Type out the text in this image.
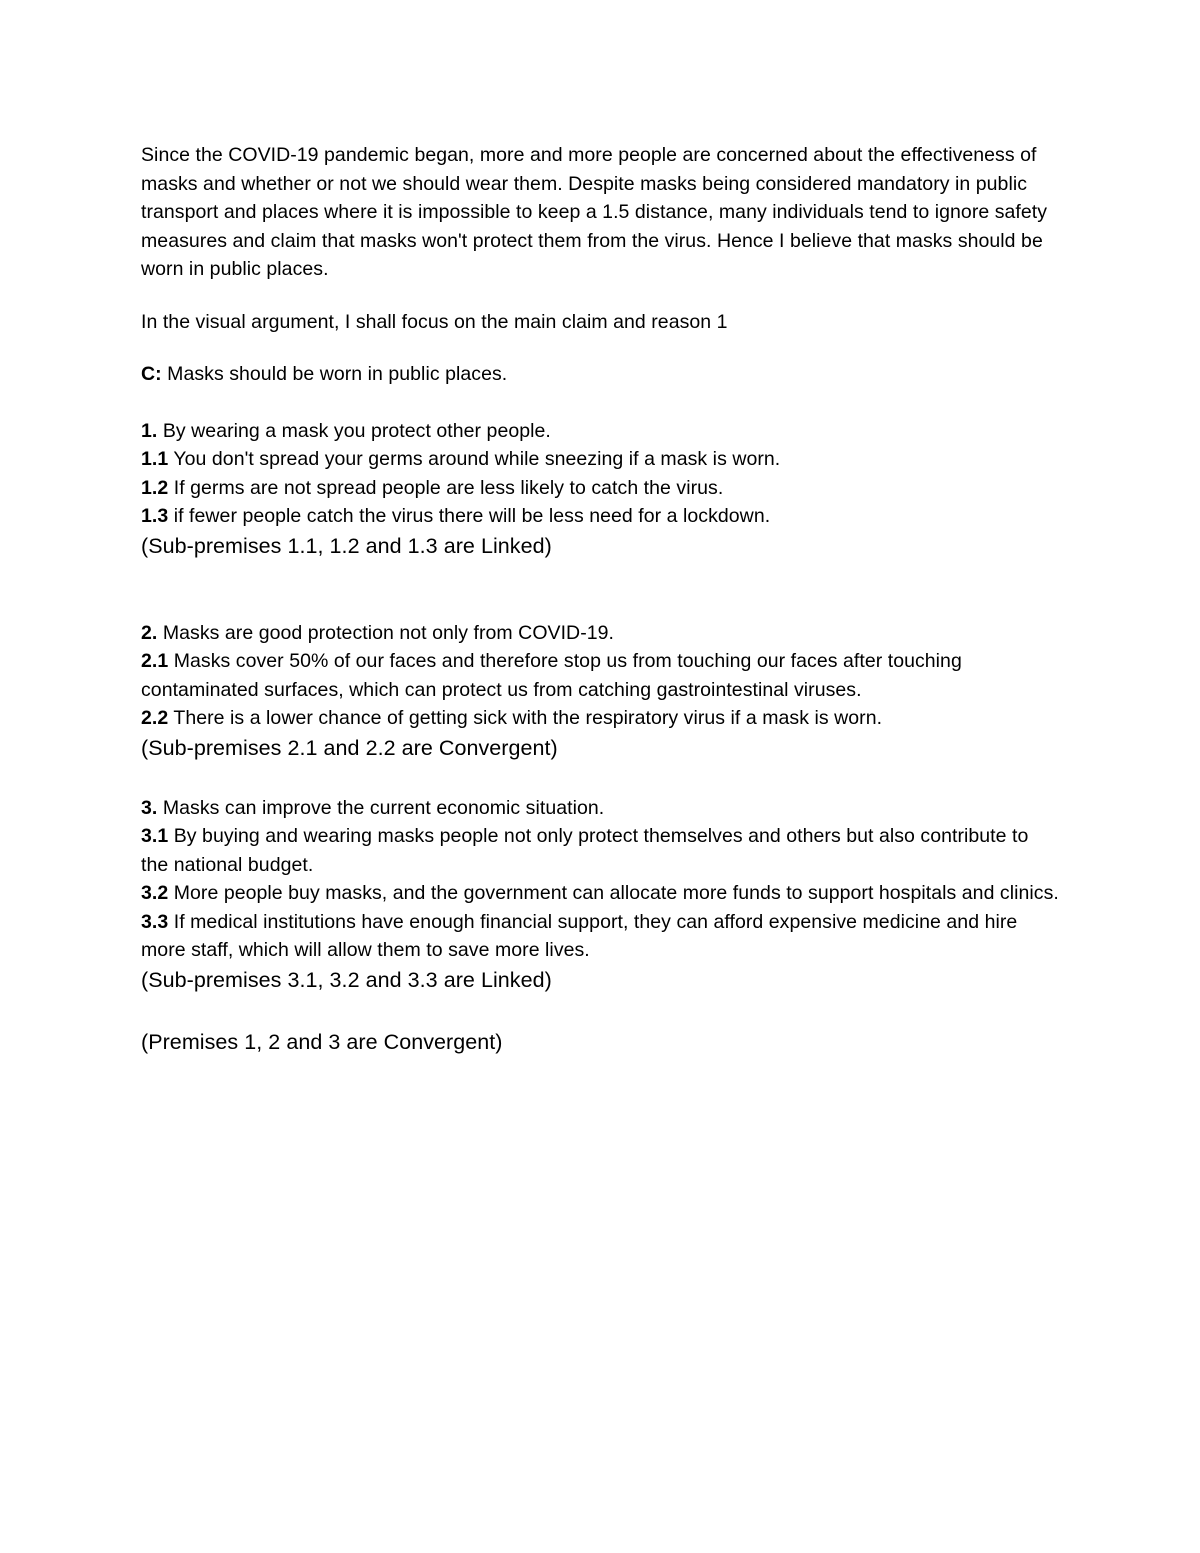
Since the COVID-19 pandemic began, more and more people are concerned about the effectiveness of masks and whether or not we should wear them. Despite masks being considered mandatory in public transport and places where it is impossible to keep a 1.5 distance, many individuals tend to ignore safety measures and claim that masks won't protect them from the virus. Hence I believe that masks should be worn in public places.

In the visual argument, I shall focus on the main claim and reason 1

C: Masks should be worn in public places.

1. By wearing a mask you protect other people.

1.1 You don't spread your germs around while sneezing if a mask is worn.

1.2 If germs are not spread people are less likely to catch the virus.

1.3 if fewer people catch the virus there will be less need for a lockdown.

(Sub-premises 1.1, 1.2 and 1.3 are Linked)

2. Masks are good protection not only from COVID-19.

2.1 Masks cover 50% of our faces and therefore stop us from touching our faces after touching contaminated surfaces, which can protect us from catching gastrointestinal viruses.

2.2 There is a lower chance of getting sick with the respiratory virus if a mask is worn.

(Sub-premises 2.1 and 2.2 are Convergent)

3. Masks can improve the current economic situation.

3.1 By buying and wearing masks people not only protect themselves and others but also contribute to the national budget.

3.2 More people buy masks, and the government can allocate more funds to support hospitals and clinics.

3.3 If medical institutions have enough financial support, they can afford expensive medicine and hire more staff, which will allow them to save more lives.

(Sub-premises 3.1, 3.2 and 3.3 are Linked)

(Premises 1, 2 and 3 are Convergent)
